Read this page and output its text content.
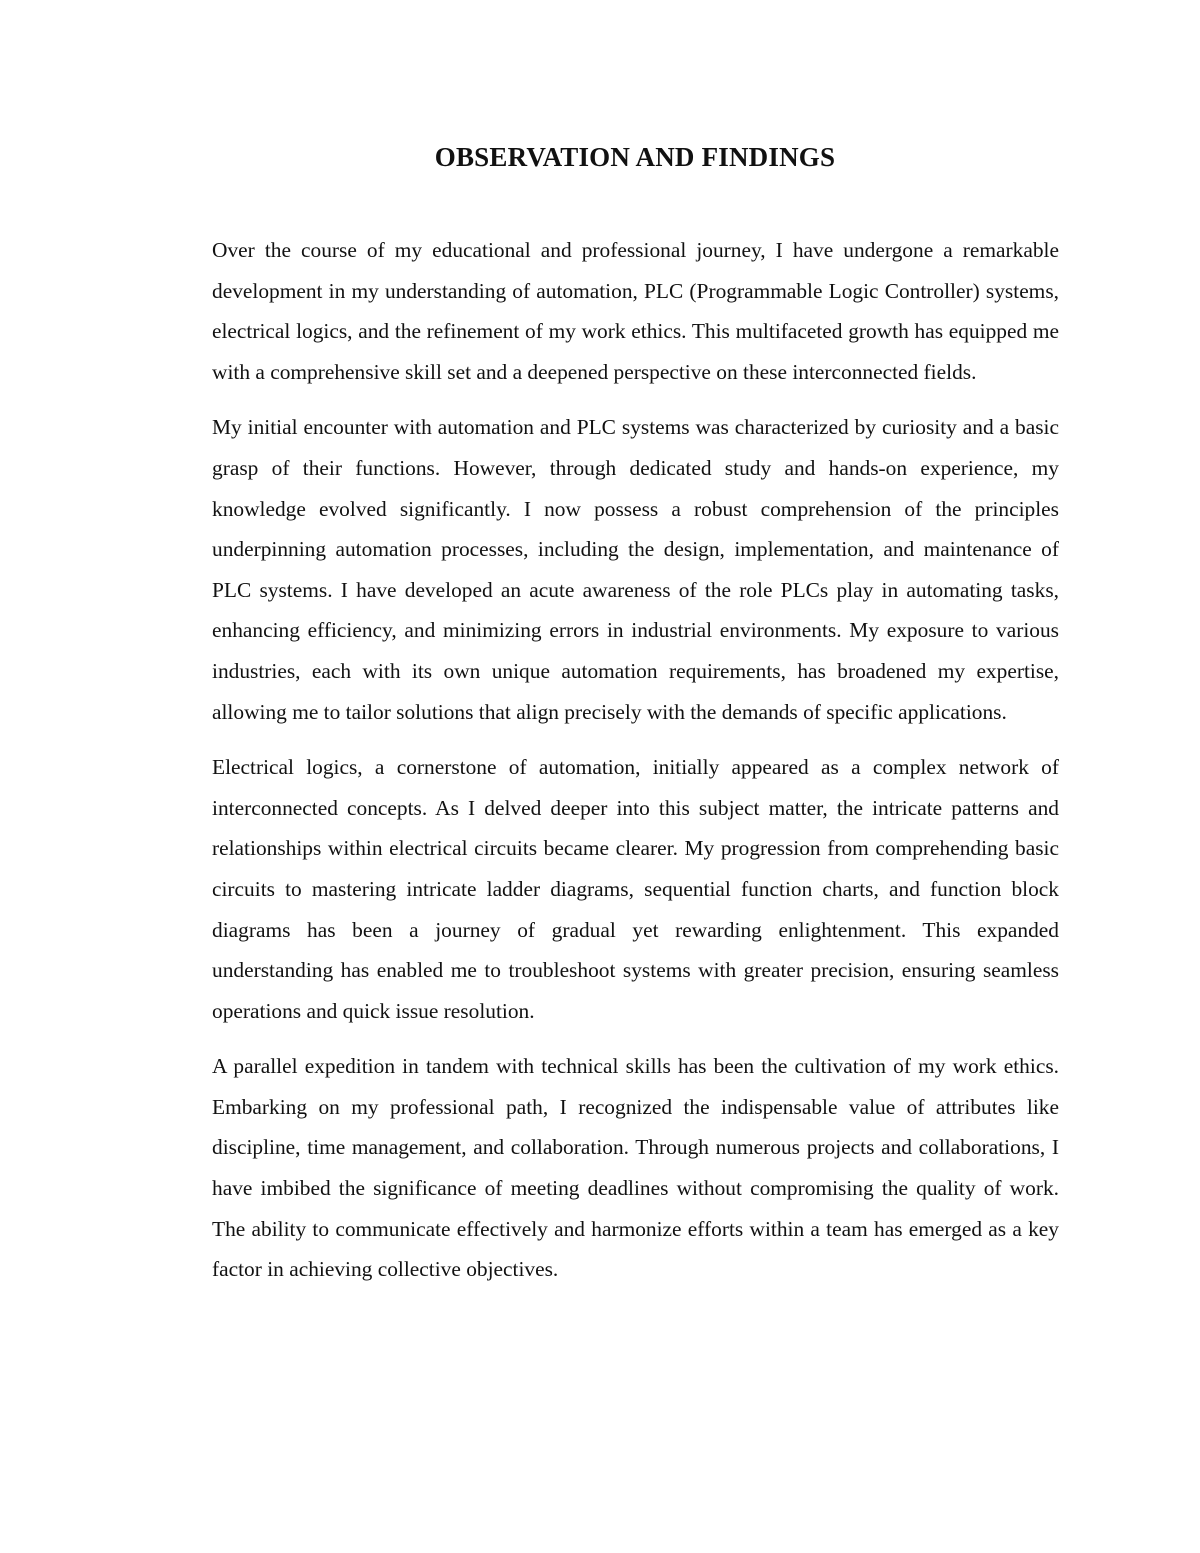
OBSERVATION AND FINDINGS

Over the course of my educational and professional journey, I have undergone a remarkable development in my understanding of automation, PLC (Programmable Logic Controller) systems, electrical logics, and the refinement of my work ethics. This multifaceted growth has equipped me with a comprehensive skill set and a deepened perspective on these interconnected fields.

My initial encounter with automation and PLC systems was characterized by curiosity and a basic grasp of their functions. However, through dedicated study and hands-on experience, my knowledge evolved significantly. I now possess a robust comprehension of the principles underpinning automation processes, including the design, implementation, and maintenance of PLC systems. I have developed an acute awareness of the role PLCs play in automating tasks, enhancing efficiency, and minimizing errors in industrial environments. My exposure to various industries, each with its own unique automation requirements, has broadened my expertise, allowing me to tailor solutions that align precisely with the demands of specific applications.

Electrical logics, a cornerstone of automation, initially appeared as a complex network of interconnected concepts. As I delved deeper into this subject matter, the intricate patterns and relationships within electrical circuits became clearer. My progression from comprehending basic circuits to mastering intricate ladder diagrams, sequential function charts, and function block diagrams has been a journey of gradual yet rewarding enlightenment. This expanded understanding has enabled me to troubleshoot systems with greater precision, ensuring seamless operations and quick issue resolution.

A parallel expedition in tandem with technical skills has been the cultivation of my work ethics. Embarking on my professional path, I recognized the indispensable value of attributes like discipline, time management, and collaboration. Through numerous projects and collaborations, I have imbibed the significance of meeting deadlines without compromising the quality of work. The ability to communicate effectively and harmonize efforts within a team has emerged as a key factor in achieving collective objectives.
